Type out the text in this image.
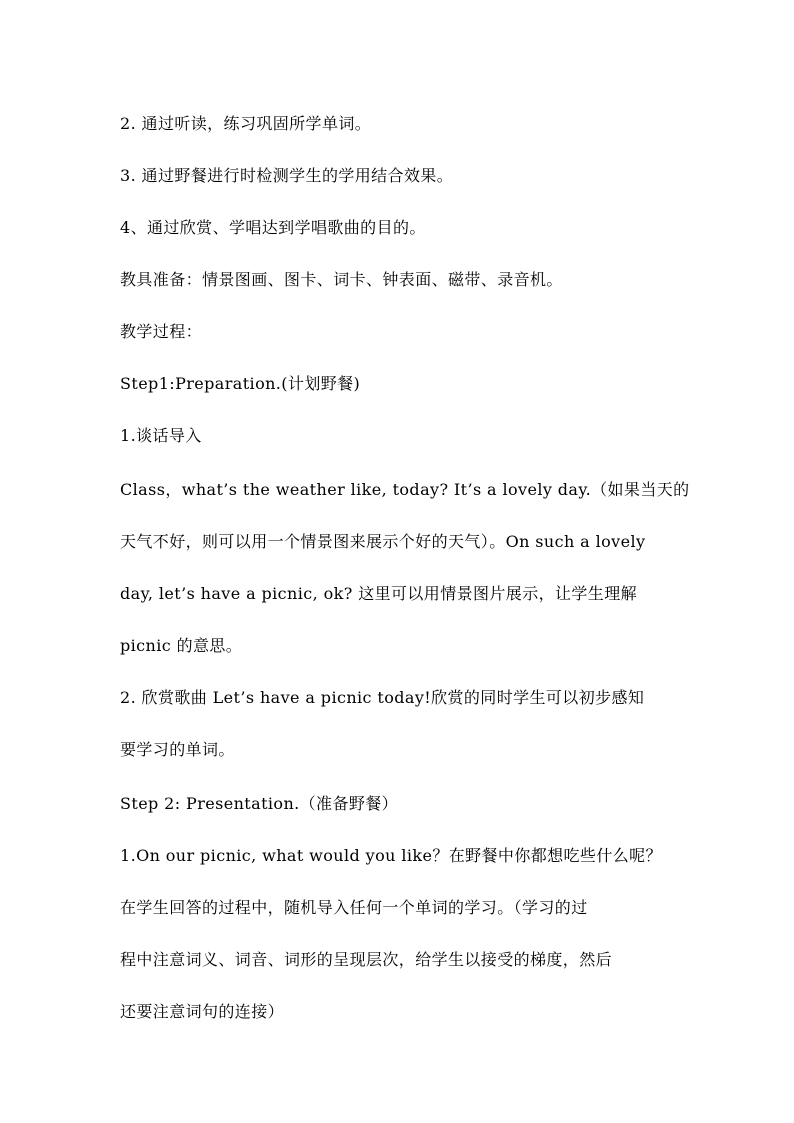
2. 通过听读，练习巩固所学单词。
3. 通过野餐进行时检测学生的学用结合效果。
4、通过欣赏、学唱达到学唱歌曲的目的。
教具准备：情景图画、图卡、词卡、钟表面、磁带、录音机。
教学过程：
Step1:Preparation.(计划野餐)
1.谈话导入
Class，what’s the weather like, today? It’s a lovely day.（如果当天的
天气不好，则可以用一个情景图来展示个好的天气）。On such a lovely
day, let’s have a picnic, ok? 这里可以用情景图片展示，让学生理解
picnic 的意思。
2. 欣赏歌曲 Let’s have a picnic today!欣赏的同时学生可以初步感知
要学习的单词。
Step 2: Presentation.（准备野餐）
1.On our picnic, what would you like？在野餐中你都想吃些什么呢？
在学生回答的过程中，随机导入任何一个单词的学习。（学习的过
程中注意词义、词音、词形的呈现层次，给学生以接受的梯度，然后
还要注意词句的连接）
